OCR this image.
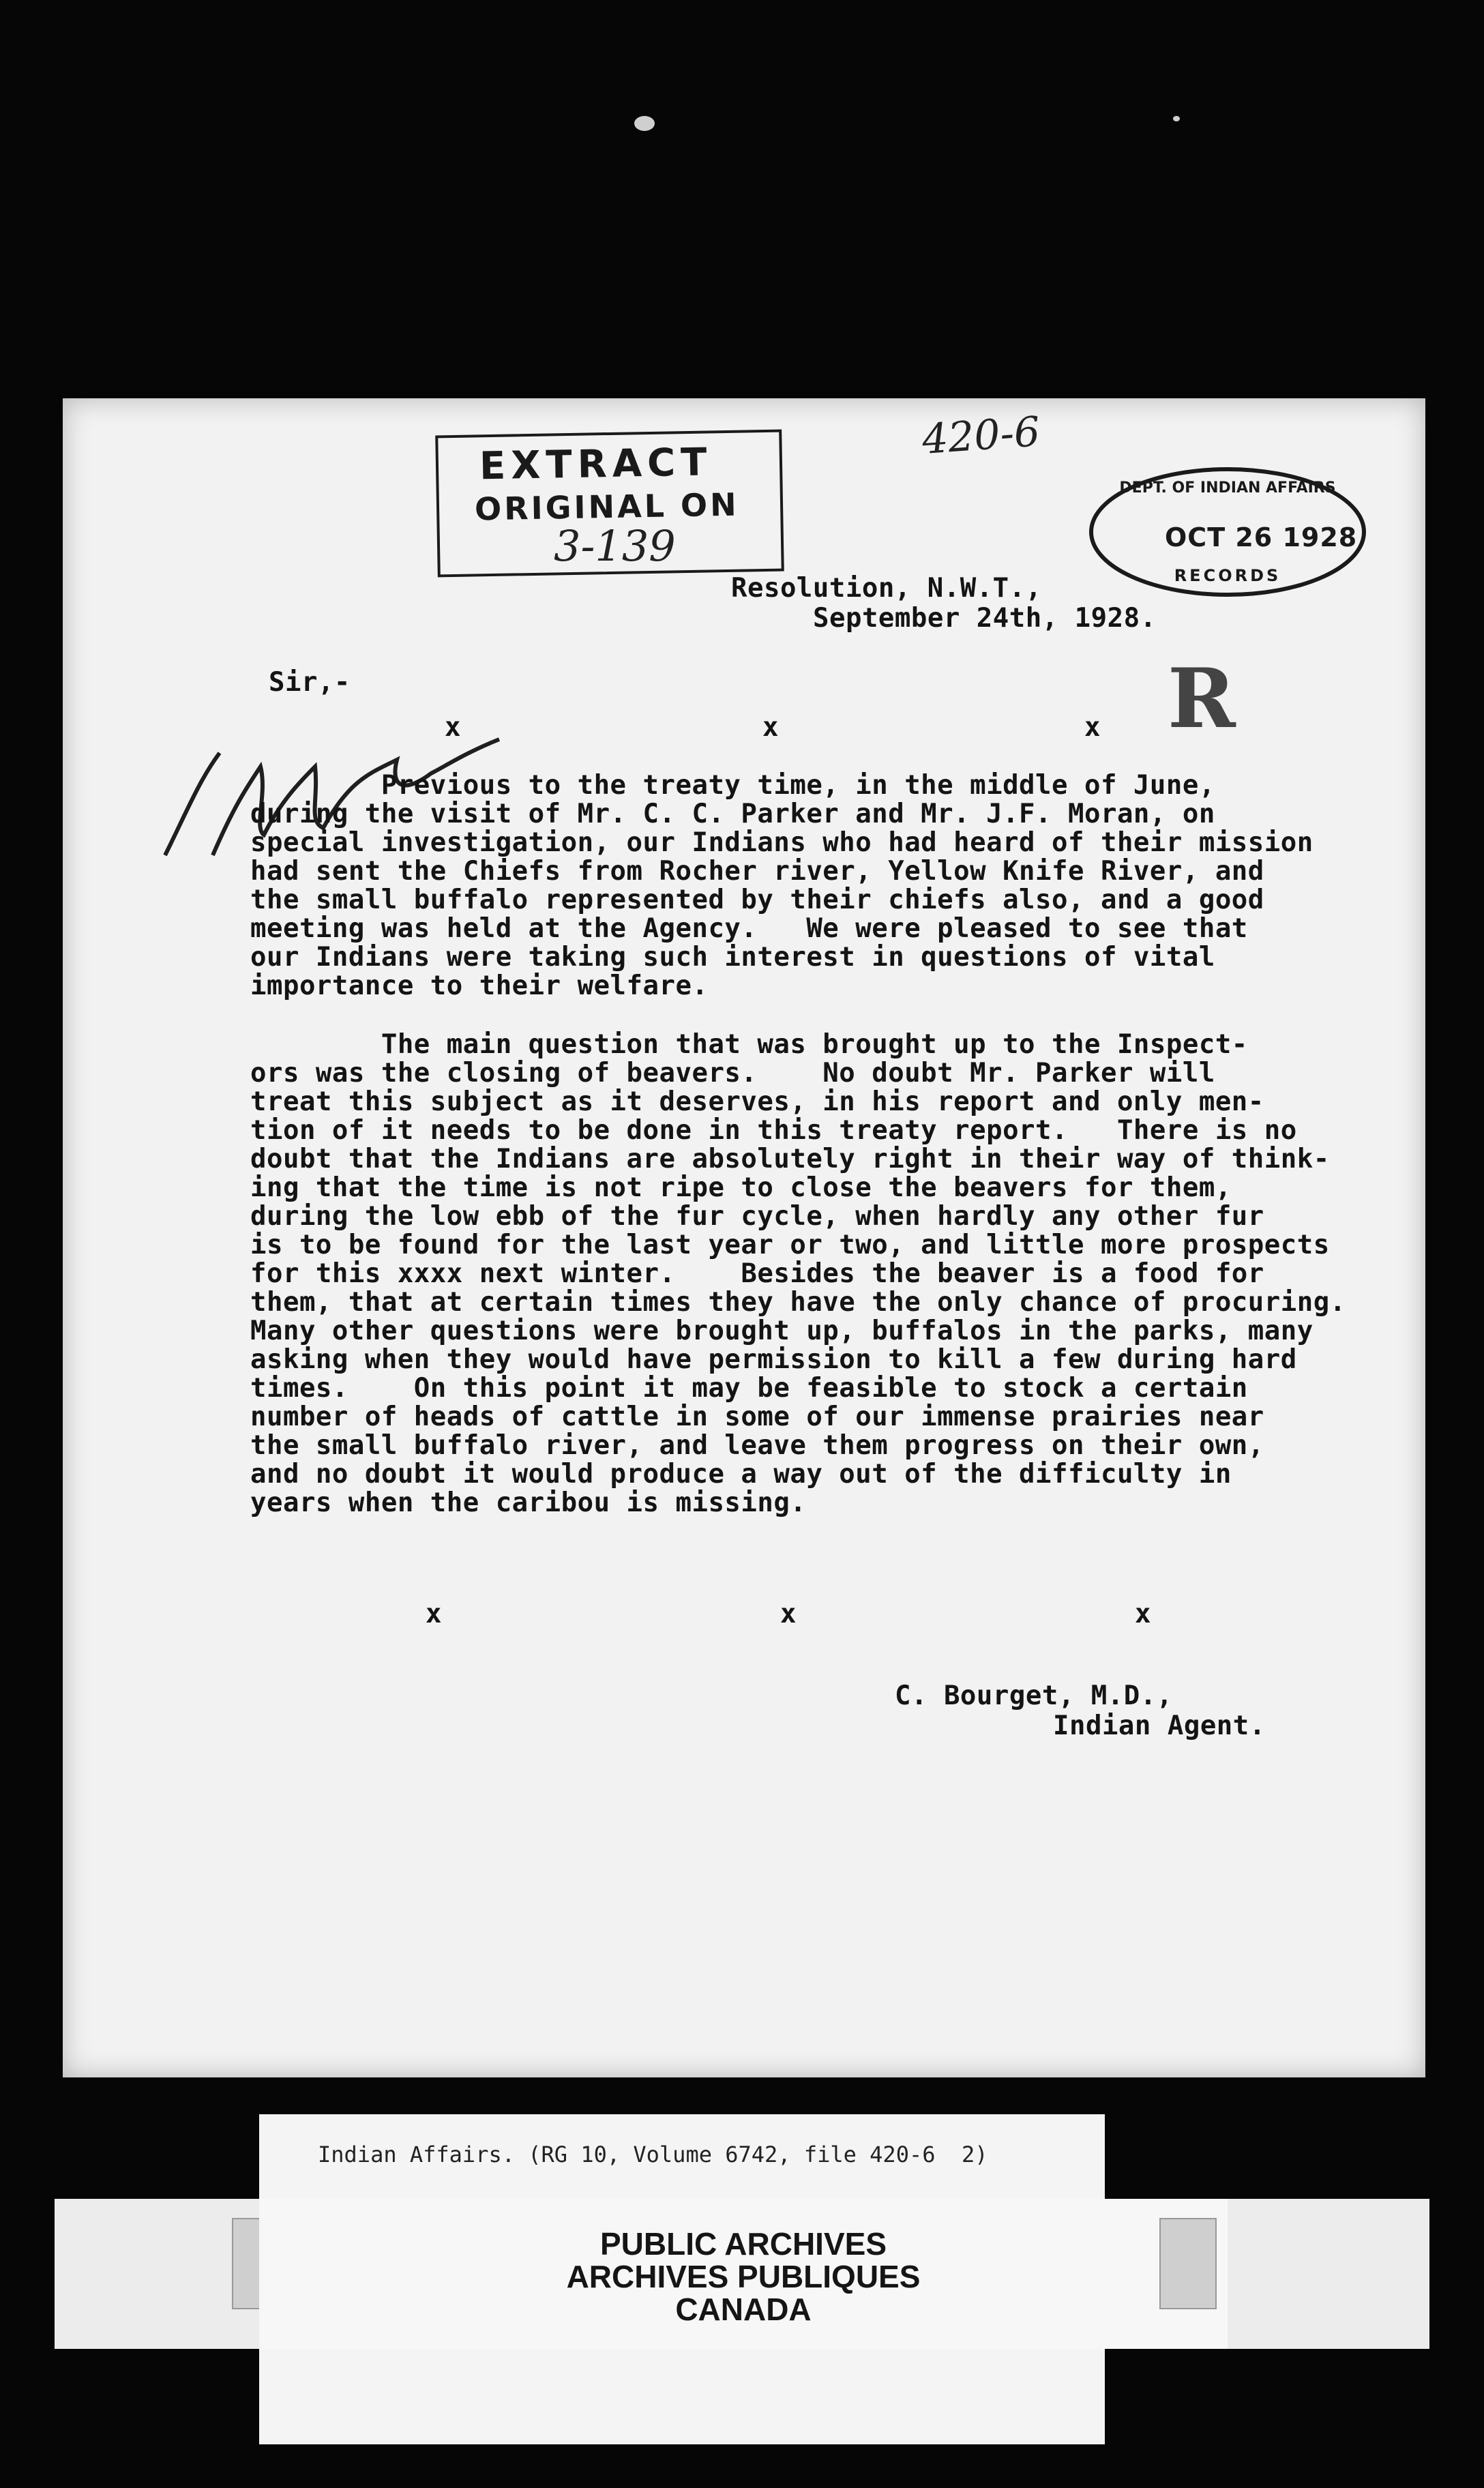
EXTRACT
ORIGINAL ON
3-139
420-6
DEPT. OF INDIAN AFFAIRS
RECORDS
OCT 26 1928
R
Resolution, N.W.T.,
September 24th, 1928.
Sir,-
x	x	x
Previous to the treaty time, in the middle of June,
during the visit of Mr. C. C. Parker and Mr. J.F. Moran, on
special investigation, our Indians who had heard of their mission
had sent the Chiefs from Rocher river, Yellow Knife River, and
the small buffalo represented by their chiefs also, and a good
meeting was held at the Agency.   We were pleased to see that
our Indians were taking such interest in questions of vital
importance to their welfare.
The main question that was brought up to the Inspect-
ors was the closing of beavers.    No doubt Mr. Parker will
treat this subject as it deserves, in his report and only men-
tion of it needs to be done in this treaty report.   There is no
doubt that the Indians are absolutely right in their way of think-
ing that the time is not ripe to close the beavers for them,
during the low ebb of the fur cycle, when hardly any other fur
is to be found for the last year or two, and little more prospects
for this xxxx next winter.    Besides the beaver is a food for
them, that at certain times they have the only chance of procuring.
Many other questions were brought up, buffalos in the parks, many
asking when they would have permission to kill a few during hard
times.    On this point it may be feasible to stock a certain
number of heads of cattle in some of our immense prairies near
the small buffalo river, and leave them progress on their own,
and no doubt it would produce a way out of the difficulty in
years when the caribou is missing.
x	x	x
C. Bourget, M.D.,
Indian Agent.
Indian Affairs. (RG 10, Volume 6742, file 420-6  2)
PUBLIC ARCHIVES
ARCHIVES PUBLIQUES
CANADA
